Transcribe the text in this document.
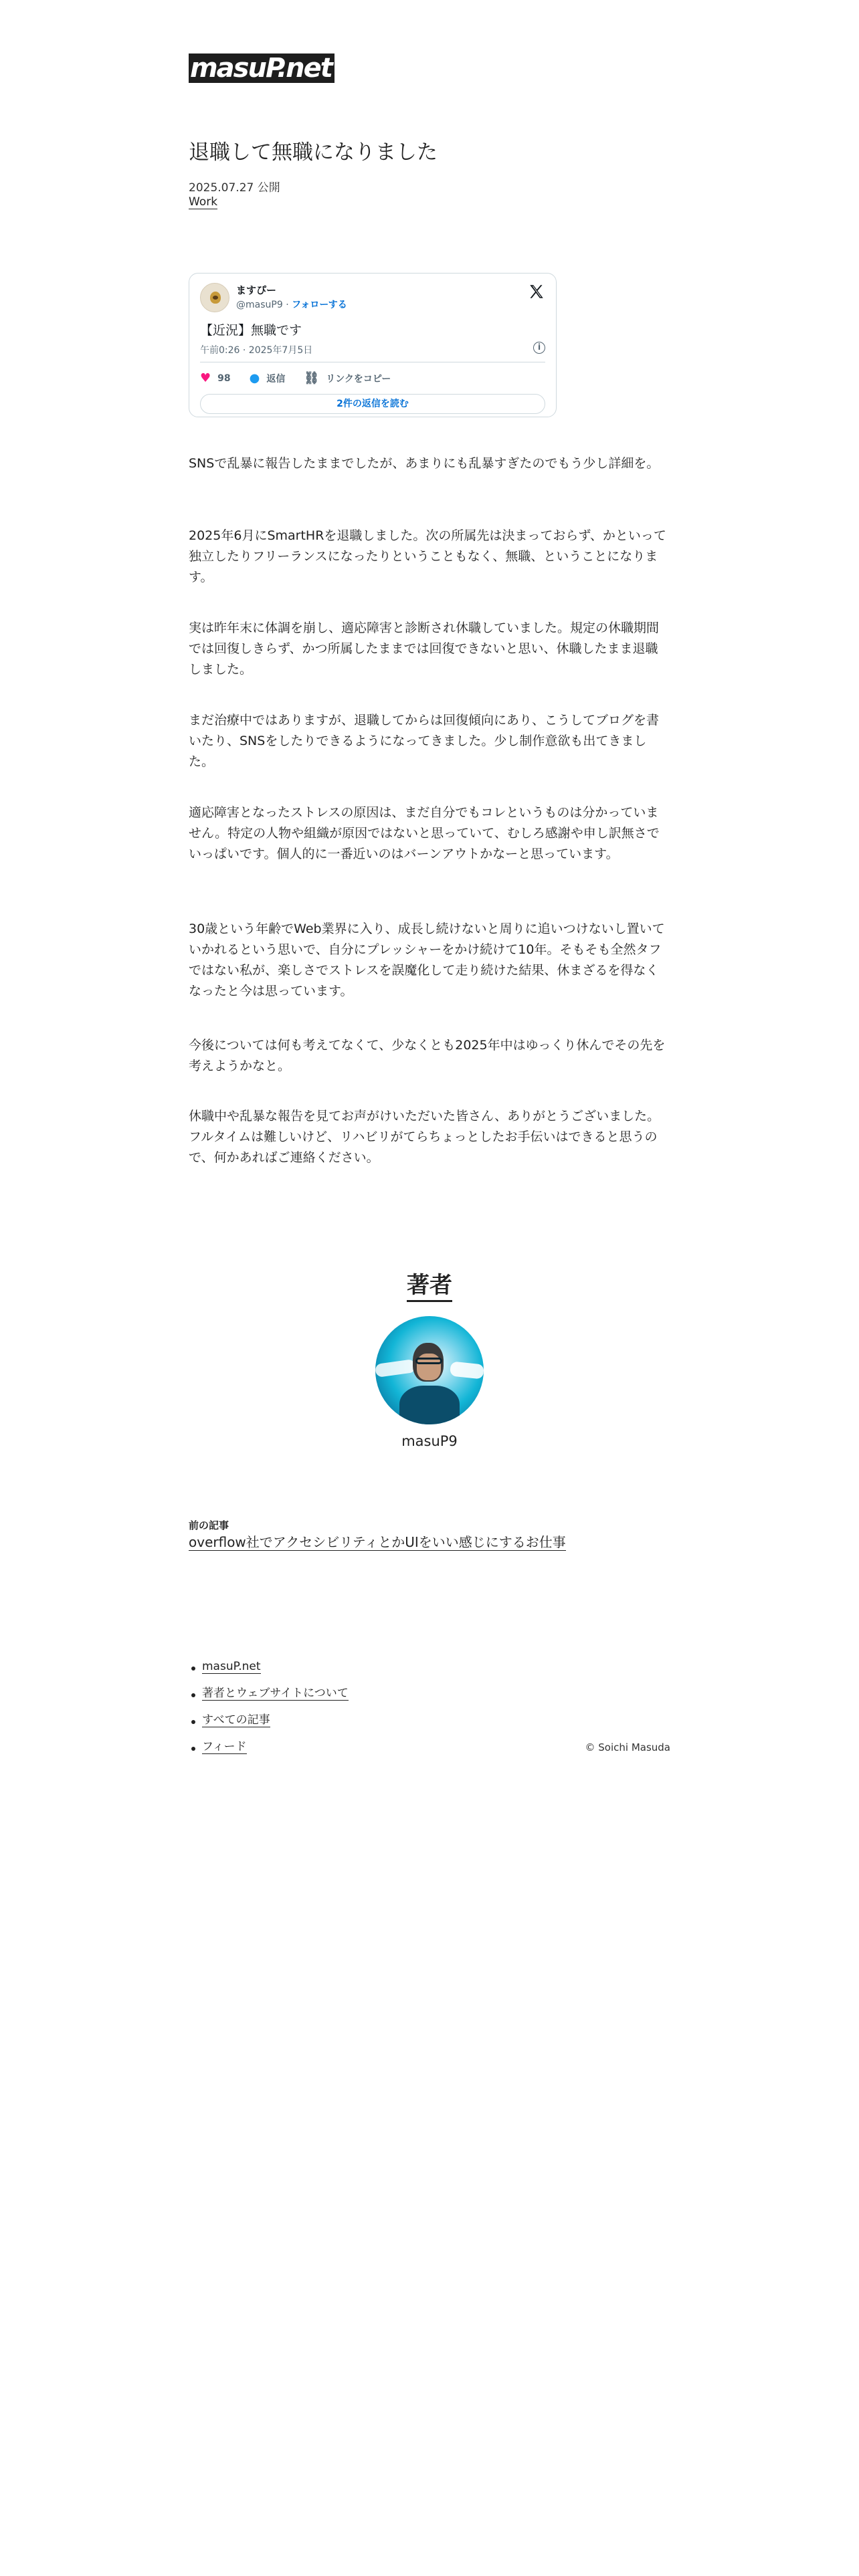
masuP.net
退職して無職になりました
2025.07.27 公開
Work
ますぴー
@masuP9 · フォローする
【近況】無職です
午前0:26 · 2025年7月5日	i
♥ 98 ● 返信 ⛓ リンクをコピー
2件の返信を読む

SNSで乱暴に報告したままでしたが、あまりにも乱暴すぎたのでもう少し詳細を。

2025年6月にSmartHRを退職しました。次の所属先は決まっておらず、かといって独立したりフリーランスになったりということもなく、無職、ということになります。

実は昨年末に体調を崩し、適応障害と診断され休職していました。規定の休職期間では回復しきらず、かつ所属したままでは回復できないと思い、休職したまま退職しました。

まだ治療中ではありますが、退職してからは回復傾向にあり、こうしてブログを書いたり、SNSをしたりできるようになってきました。少し制作意欲も出てきました。

適応障害となったストレスの原因は、まだ自分でもコレというものは分かっていません。特定の人物や組織が原因ではないと思っていて、むしろ感謝や申し訳無さでいっぱいです。個人的に一番近いのはバーンアウトかなーと思っています。

30歳という年齢でWeb業界に入り、成長し続けないと周りに追いつけないし置いていかれるという思いで、自分にプレッシャーをかけ続けて10年。そもそも全然タフではない私が、楽しさでストレスを誤魔化して走り続けた結果、休まざるを得なくなったと今は思っています。

今後については何も考えてなくて、少なくとも2025年中はゆっくり休んでその先を考えようかなと。

休職中や乱暴な報告を見てお声がけいただいた皆さん、ありがとうございました。フルタイムは難しいけど、リハビリがてらちょっとしたお手伝いはできると思うので、何かあればご連絡ください。

著者
masuP9
前の記事
overflow社でアクセシビリティとかUIをいい感じにするお仕事
masuP.net
著者とウェブサイトについて
すべての記事
フィード	© Soichi Masuda
